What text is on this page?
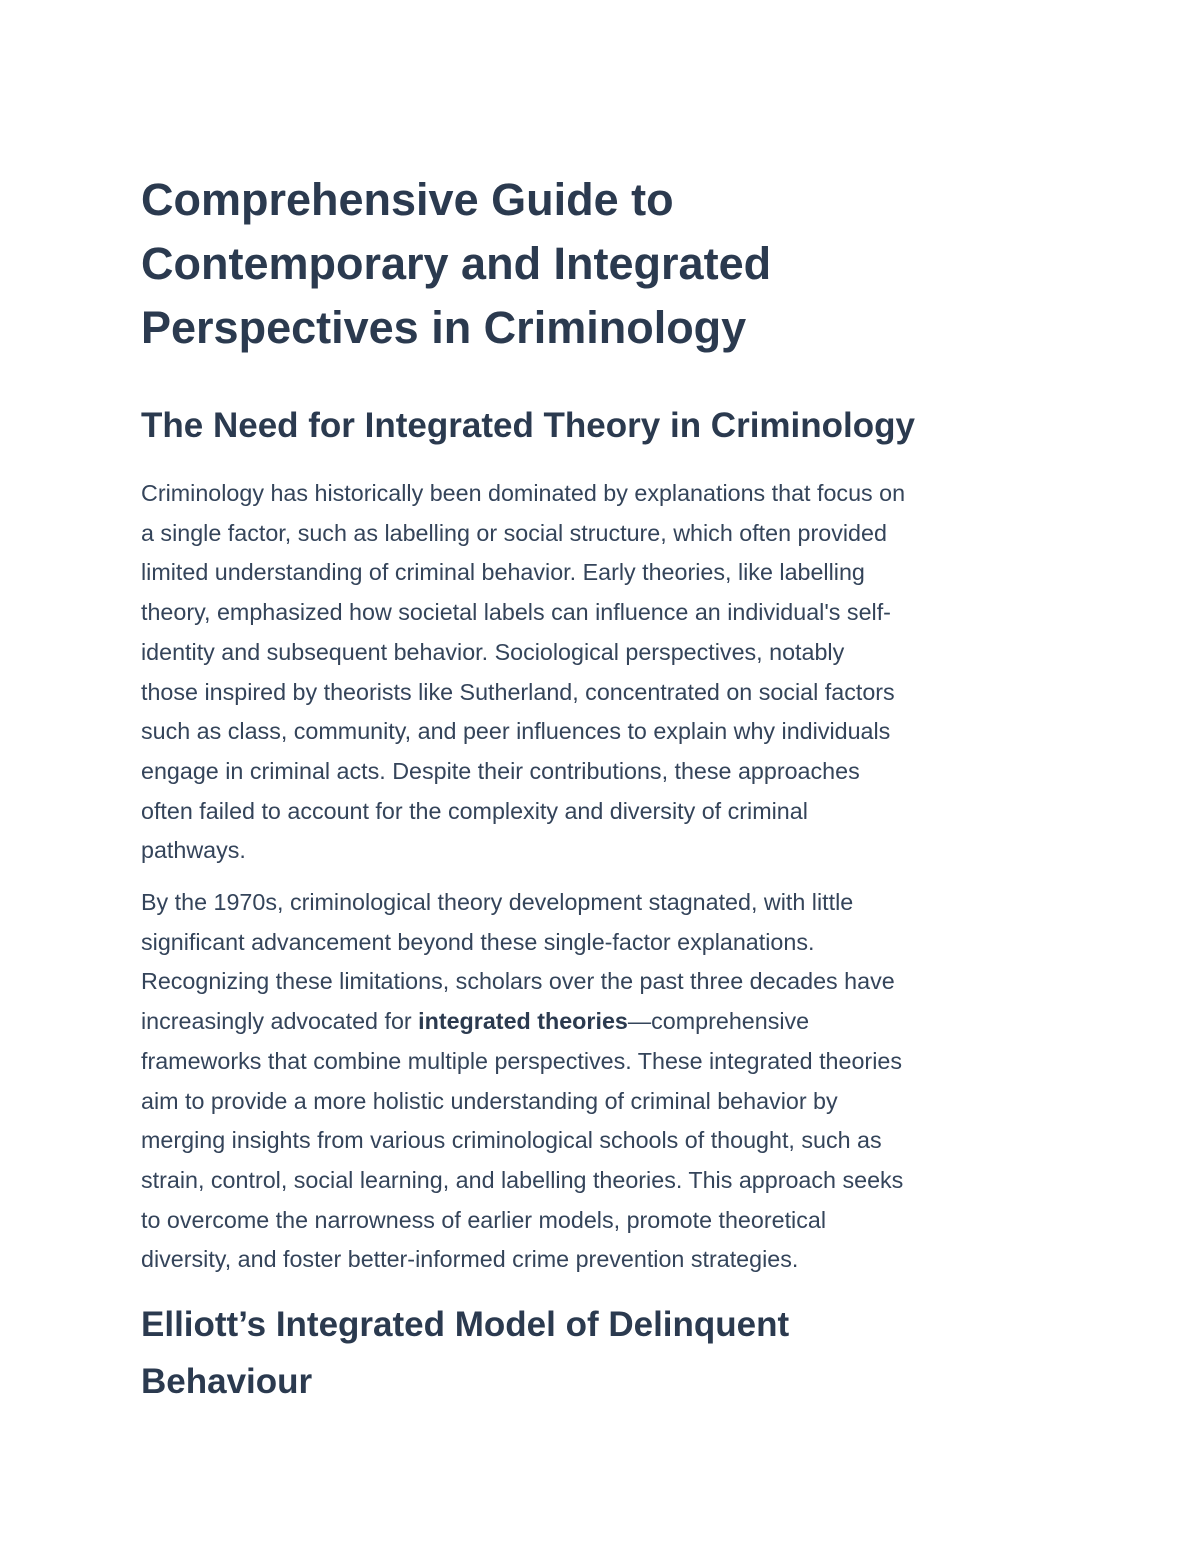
Comprehensive Guide to
Contemporary and Integrated
Perspectives in Criminology
The Need for Integrated Theory in Criminology

Criminology has historically been dominated by explanations that focus on
a single factor, such as labelling or social structure, which often provided
limited understanding of criminal behavior. Early theories, like labelling
theory, emphasized how societal labels can influence an individual's self-
identity and subsequent behavior. Sociological perspectives, notably
those inspired by theorists like Sutherland, concentrated on social factors
such as class, community, and peer influences to explain why individuals
engage in criminal acts. Despite their contributions, these approaches
often failed to account for the complexity and diversity of criminal
pathways.

By the 1970s, criminological theory development stagnated, with little
significant advancement beyond these single-factor explanations.
Recognizing these limitations, scholars over the past three decades have
increasingly advocated for integrated theories—comprehensive
frameworks that combine multiple perspectives. These integrated theories
aim to provide a more holistic understanding of criminal behavior by
merging insights from various criminological schools of thought, such as
strain, control, social learning, and labelling theories. This approach seeks
to overcome the narrowness of earlier models, promote theoretical
diversity, and foster better-informed crime prevention strategies.

Elliott’s Integrated Model of Delinquent
Behaviour
